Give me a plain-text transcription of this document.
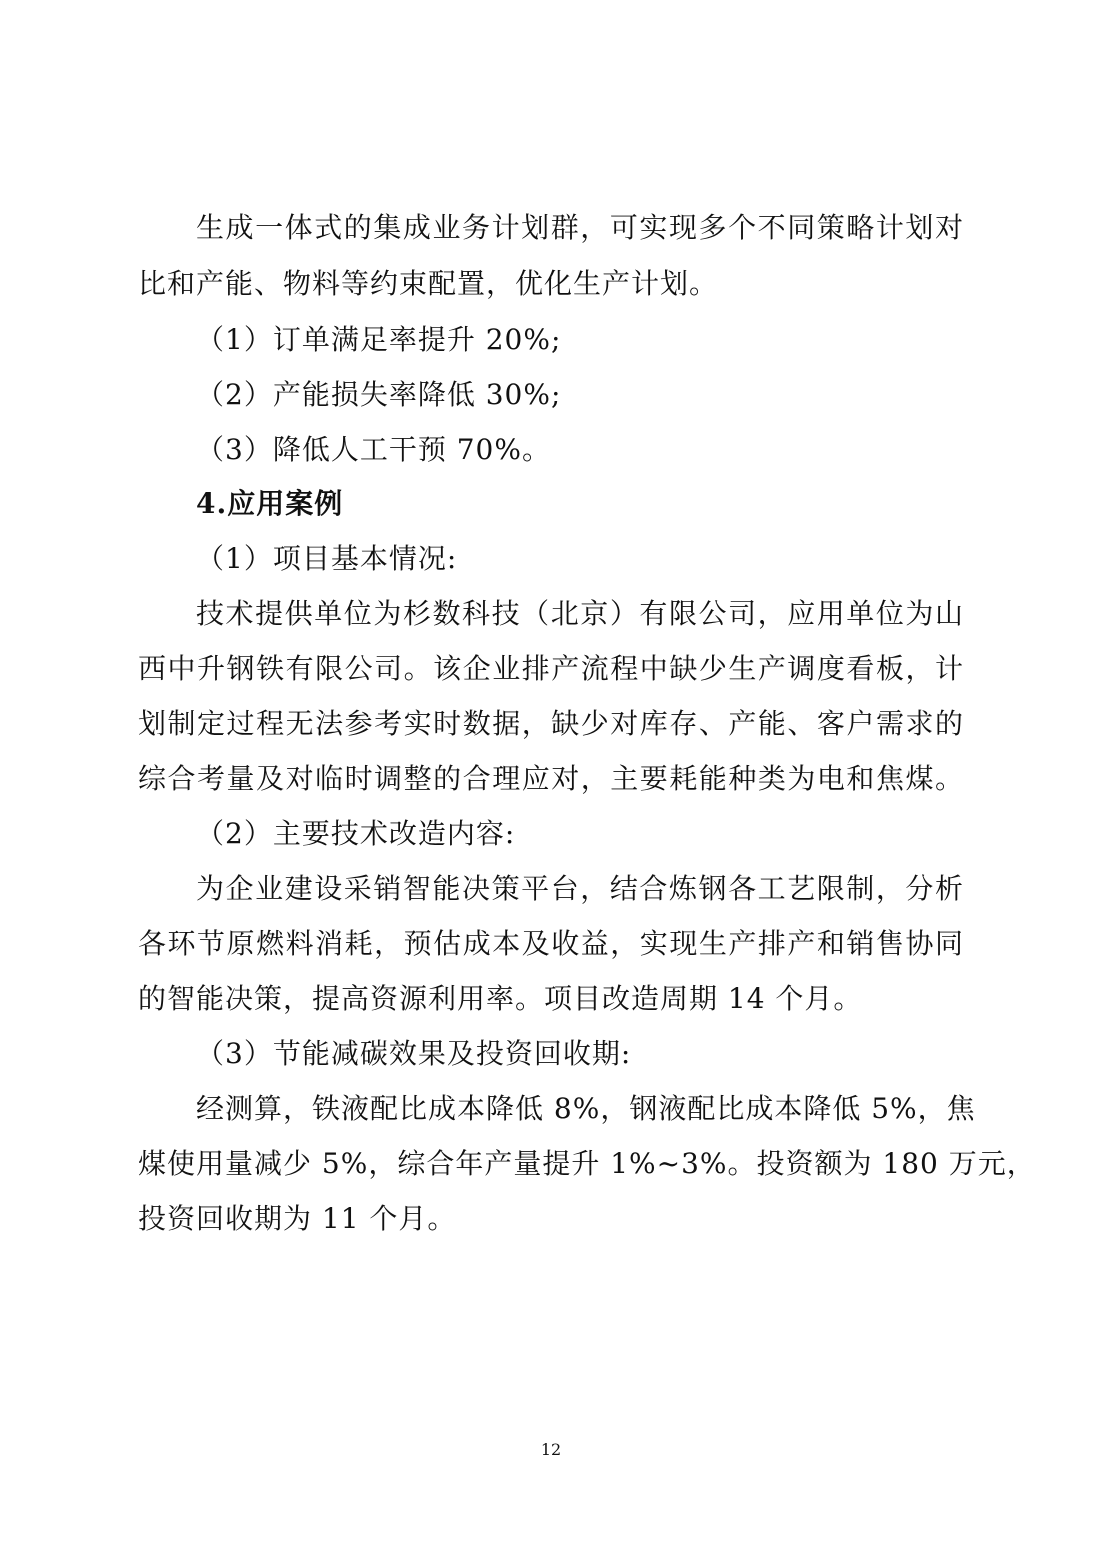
生成一体式的集成业务计划群，可实现多个不同策略计划对
比和产能、物料等约束配置，优化生产计划。
（1）订单满足率提升 20%;
（2）产能损失率降低 30%;
（3）降低人工干预 70%。
4.应用案例
（1）项目基本情况:
技术提供单位为杉数科技（北京）有限公司，应用单位为山
西中升钢铁有限公司。该企业排产流程中缺少生产调度看板，计
划制定过程无法参考实时数据，缺少对库存、产能、客户需求的
综合考量及对临时调整的合理应对，主要耗能种类为电和焦煤。
（2）主要技术改造内容:
为企业建设采销智能决策平台，结合炼钢各工艺限制，分析
各环节原燃料消耗，预估成本及收益，实现生产排产和销售协同
的智能决策，提高资源利用率。项目改造周期 14 个月。
（3）节能减碳效果及投资回收期:
经测算，铁液配比成本降低 8%，钢液配比成本降低 5%，焦
煤使用量减少 5%，综合年产量提升 1%~3%。投资额为 180 万元，
投资回收期为 11 个月。
12
